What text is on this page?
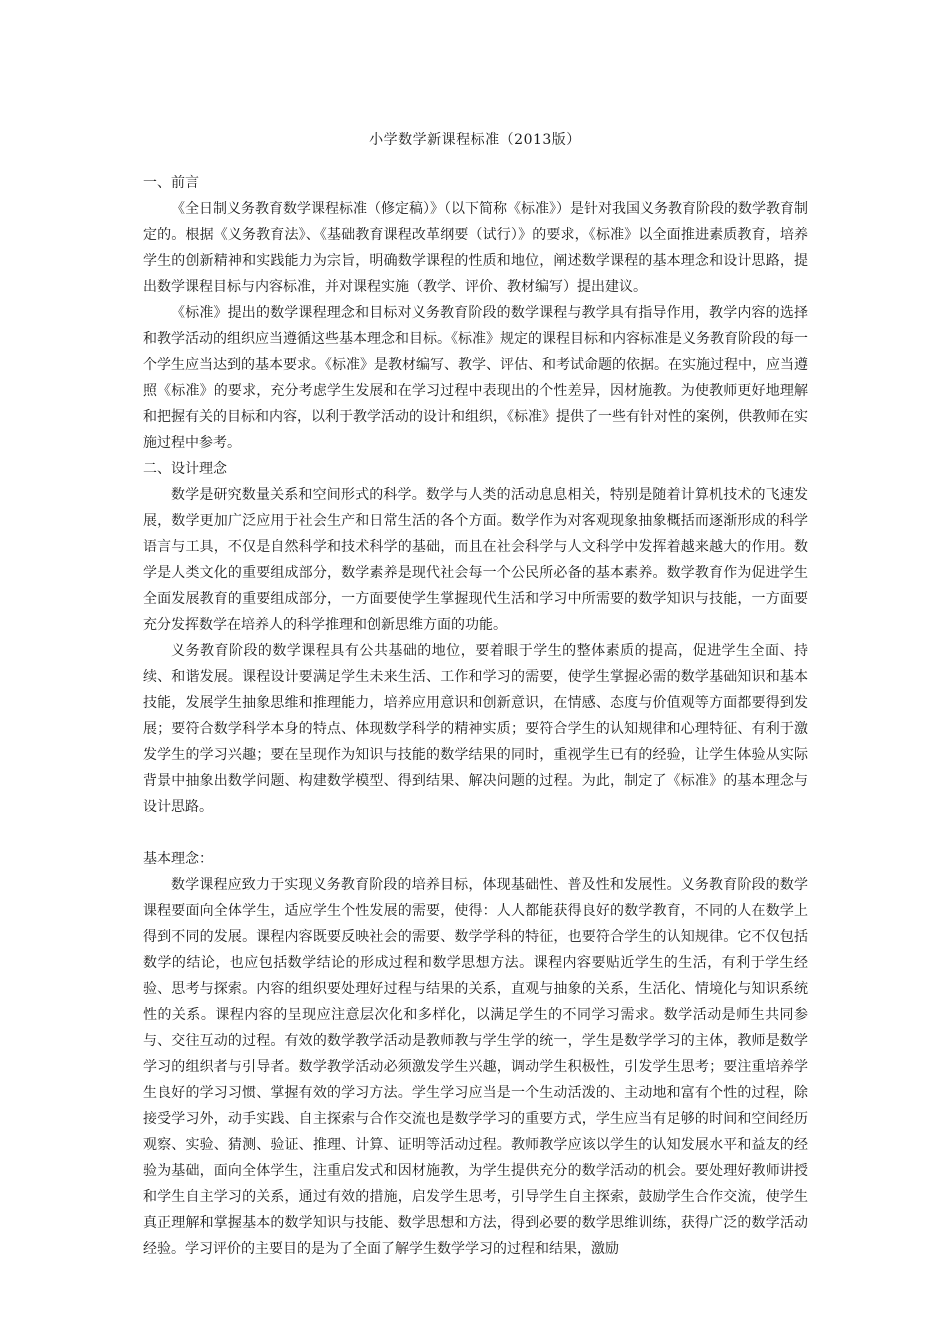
小学数学新课程标准（2013版）

一、前言

《全日制义务教育数学课程标准（修定稿）》（以下简称《标准》）是针对我国义务教育阶段的数学教育制定的。根据《义务教育法》、《基础教育课程改革纲要（试行）》的要求，《标准》以全面推进素质教育，培养学生的创新精神和实践能力为宗旨，明确数学课程的性质和地位，阐述数学课程的基本理念和设计思路，提出数学课程目标与内容标准，并对课程实施（教学、评价、教材编写）提出建议。

《标准》提出的数学课程理念和目标对义务教育阶段的数学课程与教学具有指导作用，教学内容的选择和教学活动的组织应当遵循这些基本理念和目标。《标准》规定的课程目标和内容标准是义务教育阶段的每一个学生应当达到的基本要求。《标准》是教材编写、教学、评估、和考试命题的依据。在实施过程中，应当遵照《标准》的要求，充分考虑学生发展和在学习过程中表现出的个性差异，因材施教。为使教师更好地理解和把握有关的目标和内容，以利于教学活动的设计和组织，《标准》提供了一些有针对性的案例，供教师在实施过程中参考。

二、设计理念

数学是研究数量关系和空间形式的科学。数学与人类的活动息息相关，特别是随着计算机技术的飞速发展，数学更加广泛应用于社会生产和日常生活的各个方面。数学作为对客观现象抽象概括而逐渐形成的科学语言与工具，不仅是自然科学和技术科学的基础，而且在社会科学与人文科学中发挥着越来越大的作用。数学是人类文化的重要组成部分，数学素养是现代社会每一个公民所必备的基本素养。数学教育作为促进学生全面发展教育的重要组成部分，一方面要使学生掌握现代生活和学习中所需要的数学知识与技能，一方面要充分发挥数学在培养人的科学推理和创新思维方面的功能。

义务教育阶段的数学课程具有公共基础的地位，要着眼于学生的整体素质的提高，促进学生全面、持续、和谐发展。课程设计要满足学生未来生活、工作和学习的需要，使学生掌握必需的数学基础知识和基本技能，发展学生抽象思维和推理能力，培养应用意识和创新意识，在情感、态度与价值观等方面都要得到发展；要符合数学科学本身的特点、体现数学科学的精神实质；要符合学生的认知规律和心理特征、有利于激发学生的学习兴趣；要在呈现作为知识与技能的数学结果的同时，重视学生已有的经验，让学生体验从实际背景中抽象出数学问题、构建数学模型、得到结果、解决问题的过程。为此，制定了《标准》的基本理念与设计思路。

基本理念：

数学课程应致力于实现义务教育阶段的培养目标，体现基础性、普及性和发展性。义务教育阶段的数学课程要面向全体学生，适应学生个性发展的需要，使得：人人都能获得良好的数学教育，不同的人在数学上得到不同的发展。课程内容既要反映社会的需要、数学学科的特征，也要符合学生的认知规律。它不仅包括数学的结论，也应包括数学结论的形成过程和数学思想方法。课程内容要贴近学生的生活，有利于学生经验、思考与探索。内容的组织要处理好过程与结果的关系，直观与抽象的关系，生活化、情境化与知识系统性的关系。课程内容的呈现应注意层次化和多样化，以满足学生的不同学习需求。数学活动是师生共同参与、交往互动的过程。有效的数学教学活动是教师教与学生学的统一，学生是数学学习的主体，教师是数学学习的组织者与引导者。数学教学活动必须激发学生兴趣，调动学生积极性，引发学生思考；要注重培养学生良好的学习习惯、掌握有效的学习方法。学生学习应当是一个生动活泼的、主动地和富有个性的过程，除接受学习外，动手实践、自主探索与合作交流也是数学学习的重要方式，学生应当有足够的时间和空间经历观察、实验、猜测、验证、推理、计算、证明等活动过程。教师教学应该以学生的认知发展水平和益友的经验为基础，面向全体学生，注重启发式和因材施教，为学生提供充分的数学活动的机会。要处理好教师讲授和学生自主学习的关系，通过有效的措施，启发学生思考，引导学生自主探索，鼓励学生合作交流，使学生真正理解和掌握基本的数学知识与技能、数学思想和方法，得到必要的数学思维训练，获得广泛的数学活动经验。学习评价的主要目的是为了全面了解学生数学学习的过程和结果，激励
